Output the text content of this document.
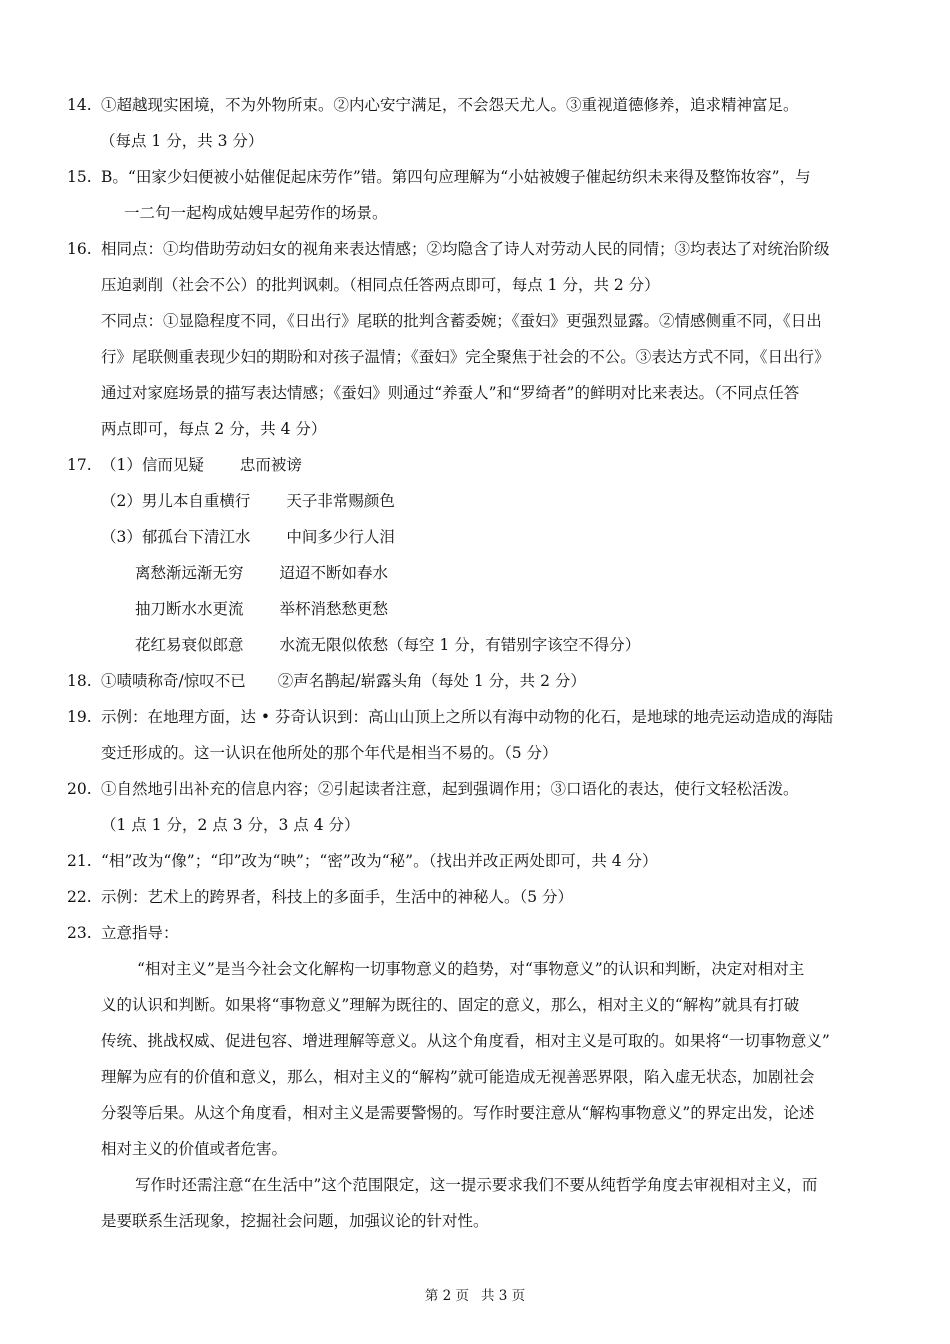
14. ①超越现实困境，不为外物所束。②内心安宁满足，不会怨天尤人。③重视道德修养，追求精神富足。
（每点 1 分，共 3 分）
15. B。“田家少妇便被小姑催促起床劳作”错。第四句应理解为“小姑被嫂子催起纺织未来得及整饰妆容”，与
一二句一起构成姑嫂早起劳作的场景。
16. 相同点：①均借助劳动妇女的视角来表达情感；②均隐含了诗人对劳动人民的同情；③均表达了对统治阶级
压迫剥削（社会不公）的批判讽刺。（相同点任答两点即可，每点 1 分，共 2 分）
不同点：①显隐程度不同，《日出行》尾联的批判含蓄委婉；《蚕妇》更强烈显露。②情感侧重不同，《日出
行》尾联侧重表现少妇的期盼和对孩子温情；《蚕妇》完全聚焦于社会的不公。③表达方式不同，《日出行》
通过对家庭场景的描写表达情感；《蚕妇》则通过“养蚕人”和“罗绮者”的鲜明对比来表达。（不同点任答
两点即可，每点 2 分，共 4 分）
17. （1）信而见疑 忠而被谤
（2）男儿本自重横行 天子非常赐颜色
（3）郁孤台下清江水 中间多少行人泪
离愁渐远渐无穷 迢迢不断如春水
抽刀断水水更流 举杯消愁愁更愁
花红易衰似郎意 水流无限似侬愁（每空 1 分，有错别字该空不得分）
18. ①啧啧称奇/惊叹不已 ②声名鹊起/崭露头角（每处 1 分，共 2 分）
19. 示例：在地理方面，达 • 芬奇认识到：高山山顶上之所以有海中动物的化石，是地球的地壳运动造成的海陆
变迁形成的。这一认识在他所处的那个年代是相当不易的。（5 分）
20. ①自然地引出补充的信息内容；②引起读者注意，起到强调作用；③口语化的表达，使行文轻松活泼。
（1 点 1 分，2 点 3 分，3 点 4 分）
21. “相”改为“像”；“印”改为“映”；“密”改为“秘”。（找出并改正两处即可，共 4 分）
22. 示例：艺术上的跨界者，科技上的多面手，生活中的神秘人。（5 分）
23. 立意指导：
“相对主义”是当今社会文化解构一切事物意义的趋势，对“事物意义”的认识和判断，决定对相对主
义的认识和判断。如果将“事物意义”理解为既往的、固定的意义，那么，相对主义的“解构”就具有打破
传统、挑战权威、促进包容、增进理解等意义。从这个角度看，相对主义是可取的。如果将“一切事物意义”
理解为应有的价值和意义，那么，相对主义的“解构”就可能造成无视善恶界限，陷入虚无状态，加剧社会
分裂等后果。从这个角度看，相对主义是需要警惕的。写作时要注意从“解构事物意义”的界定出发，论述
相对主义的价值或者危害。
写作时还需注意“在生活中”这个范围限定，这一提示要求我们不要从纯哲学角度去审视相对主义，而
是要联系生活现象，挖掘社会问题，加强议论的针对性。
第 2 页 共 3 页
